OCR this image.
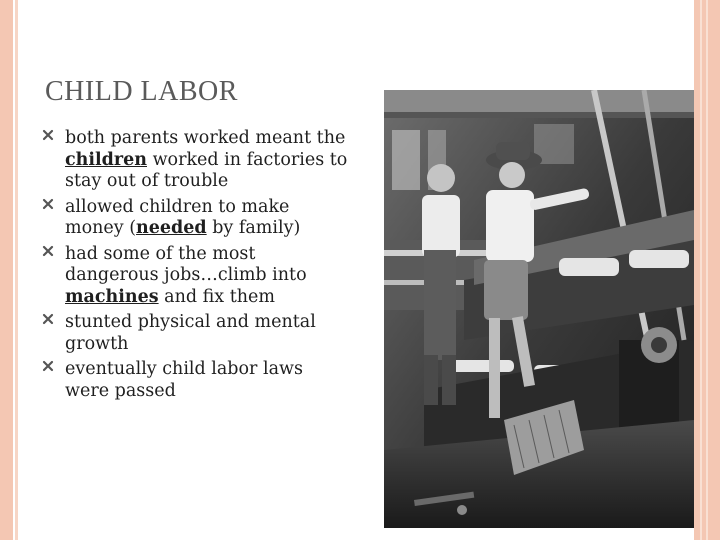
CHILD LABOR
both parents worked meant the children worked in factories to stay out of trouble
allowed children to make money (needed by family)
had some of the most dangerous jobs…climb into machines and fix them
stunted physical and mental growth
eventually child labor laws were passed
